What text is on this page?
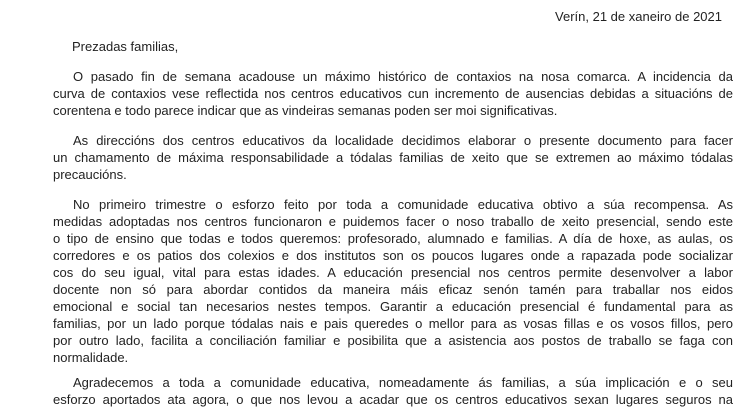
Verín, 21 de xaneiro de 2021
Prezadas familias,
O pasado fin de semana acadouse un máximo histórico de contaxios na nosa comarca. A incidencia da
curva de contaxios vese reflectida nos centros educativos cun incremento de ausencias debidas a situacións de
corentena e todo parece indicar que as vindeiras semanas poden ser moi significativas.
As direccións dos centros educativos da localidade decidimos elaborar o presente documento para facer
un chamamento de máxima responsabilidade a tódalas familias de xeito que se extremen ao máximo tódalas
precaucións.
No primeiro trimestre o esforzo feito por toda a comunidade educativa obtivo a súa recompensa. As
medidas adoptadas nos centros funcionaron e puidemos facer o noso traballo de xeito presencial, sendo este
o tipo de ensino que todas e todos queremos: profesorado, alumnado e familias. A día de hoxe, as aulas, os
corredores e os patios dos colexios e dos institutos son os poucos lugares onde a rapazada pode socializar
cos do seu igual, vital para estas idades. A educación presencial nos centros permite desenvolver a labor
docente non só para abordar contidos da maneira máis eficaz senón tamén para traballar nos eidos
emocional e social tan necesarios nestes tempos. Garantir a educación presencial é fundamental para as
familias, por un lado porque tódalas nais e pais queredes o mellor para as vosas fillas e os vosos fillos, pero
por outro lado, facilita a conciliación familiar e posibilita que a asistencia aos postos de traballo se faga con
normalidade.
Agradecemos a toda a comunidade educativa, nomeadamente ás familias, a súa implicación e o seu
esforzo aportados ata agora, o que nos levou a acadar que os centros educativos sexan lugares seguros na
